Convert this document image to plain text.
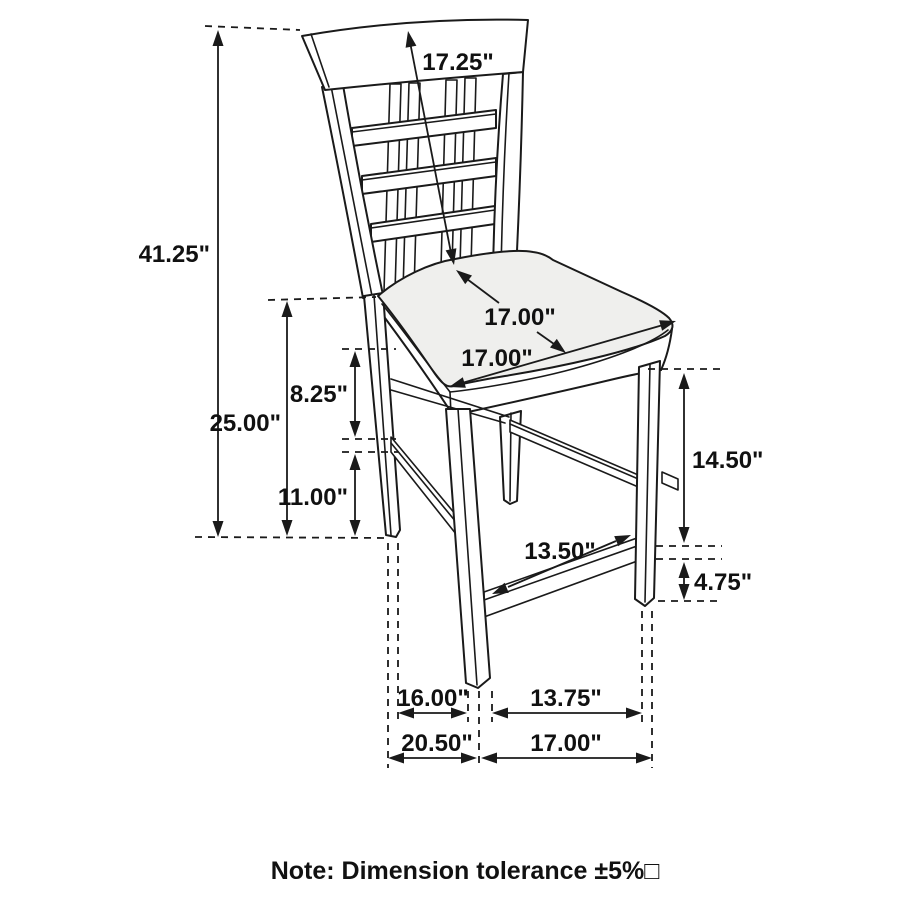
41.25"
25.00"
8.25"
11.00"
17.25"
17.00"
17.00"
14.50"
4.75"
13.50"
16.00"	13.75"
20.50" 17.00"
Note: Dimension tolerance ±5%□
